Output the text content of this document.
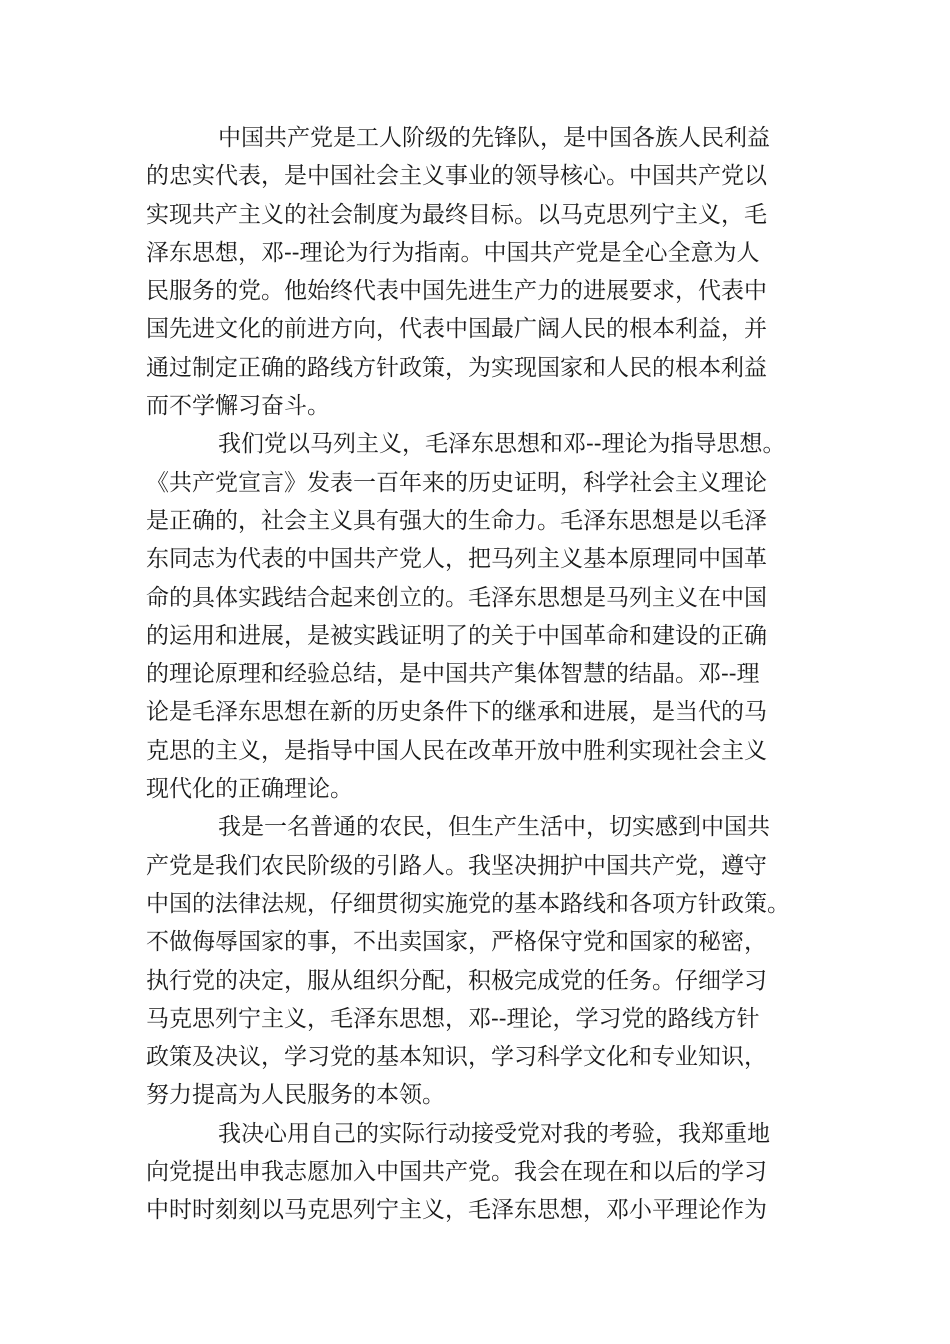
中国共产党是工人阶级的先锋队，是中国各族人民利益
的忠实代表，是中国社会主义事业的领导核心。中国共产党以
实现共产主义的社会制度为最终目标。以马克思列宁主义，毛
泽东思想，邓--理论为行为指南。中国共产党是全心全意为人
民服务的党。他始终代表中国先进生产力的进展要求，代表中
国先进文化的前进方向，代表中国最广阔人民的根本利益，并
通过制定正确的路线方针政策，为实现国家和人民的根本利益
而不学懈习奋斗。
我们党以马列主义，毛泽东思想和邓--理论为指导思想。
《共产党宣言》发表一百年来的历史证明，科学社会主义理论
是正确的，社会主义具有强大的生命力。毛泽东思想是以毛泽
东同志为代表的中国共产党人，把马列主义基本原理同中国革
命的具体实践结合起来创立的。毛泽东思想是马列主义在中国
的运用和进展，是被实践证明了的关于中国革命和建设的正确
的理论原理和经验总结，是中国共产集体智慧的结晶。邓--理
论是毛泽东思想在新的历史条件下的继承和进展，是当代的马
克思的主义，是指导中国人民在改革开放中胜利实现社会主义
现代化的正确理论。
我是一名普通的农民，但生产生活中，切实感到中国共
产党是我们农民阶级的引路人。我坚决拥护中国共产党，遵守
中国的法律法规，仔细贯彻实施党的基本路线和各项方针政策。
不做侮辱国家的事，不出卖国家，严格保守党和国家的秘密，
执行党的决定，服从组织分配，积极完成党的任务。仔细学习
马克思列宁主义，毛泽东思想，邓--理论，学习党的路线方针
政策及决议，学习党的基本知识，学习科学文化和专业知识，
努力提高为人民服务的本领。
我决心用自己的实际行动接受党对我的考验，我郑重地
向党提出申我志愿加入中国共产党。我会在现在和以后的学习
中时时刻刻以马克思列宁主义，毛泽东思想，邓小平理论作为
